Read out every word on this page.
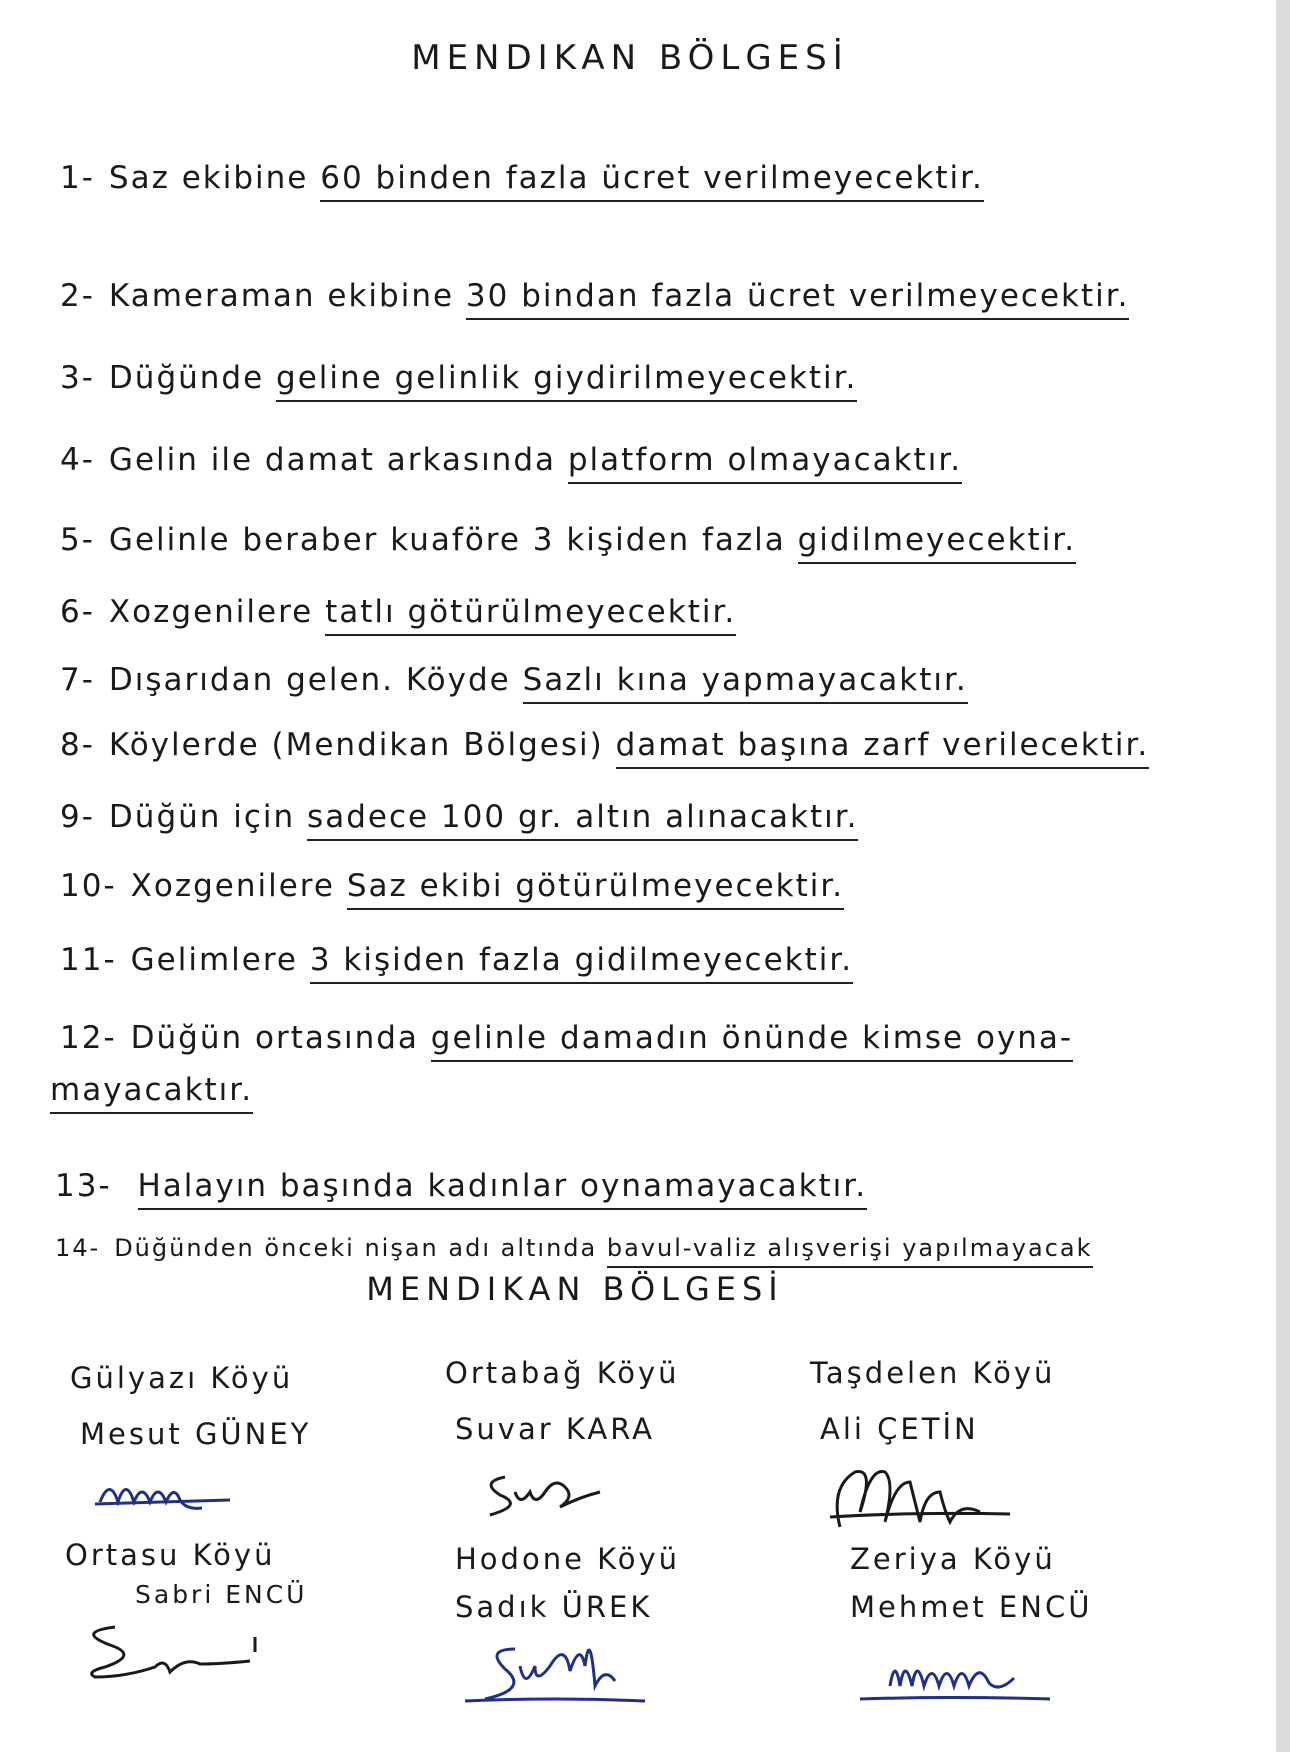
MENDIKAN BÖLGESİ
1- Saz ekibine 60 binden fazla ücret verilmeyecektir.
2- Kameraman ekibine 30 bindan fazla ücret verilmeyecektir.
3- Düğünde geline gelinlik giydirilmeyecektir.
4- Gelin ile damat arkasında platform olmayacaktır.
5- Gelinle beraber kuaföre 3 kişiden fazla gidilmeyecektir.
6- Xozgenilere tatlı götürülmeyecektir.
7- Dışarıdan gelen. Köyde Sazlı kına yapmayacaktır.
8- Köylerde (Mendikan Bölgesi) damat başına zarf verilecektir.
9- Düğün için sadece 100 gr. altın alınacaktır.
10- Xozgenilere Saz ekibi götürülmeyecektir.
11- Gelimlere 3 kişiden fazla gidilmeyecektir.
12- Düğün ortasında gelinle damadın önünde kimse oyna-
mayacaktır.
13- Halayın başında kadınlar oynamayacaktır.
14- Düğünden önceki nişan adı altında bavul-valiz alışverişi yapılmayacak
MENDIKAN BÖLGESİ
Gülyazı Köyü
Mesut GÜNEY
Ortabağ Köyü
Suvar KARA
Taşdelen Köyü
Ali ÇETİN
Ortasu Köyü
Sabri ENCÜ
Hodone Köyü
Sadık ÜREK
Zeriya Köyü
Mehmet ENCÜ
